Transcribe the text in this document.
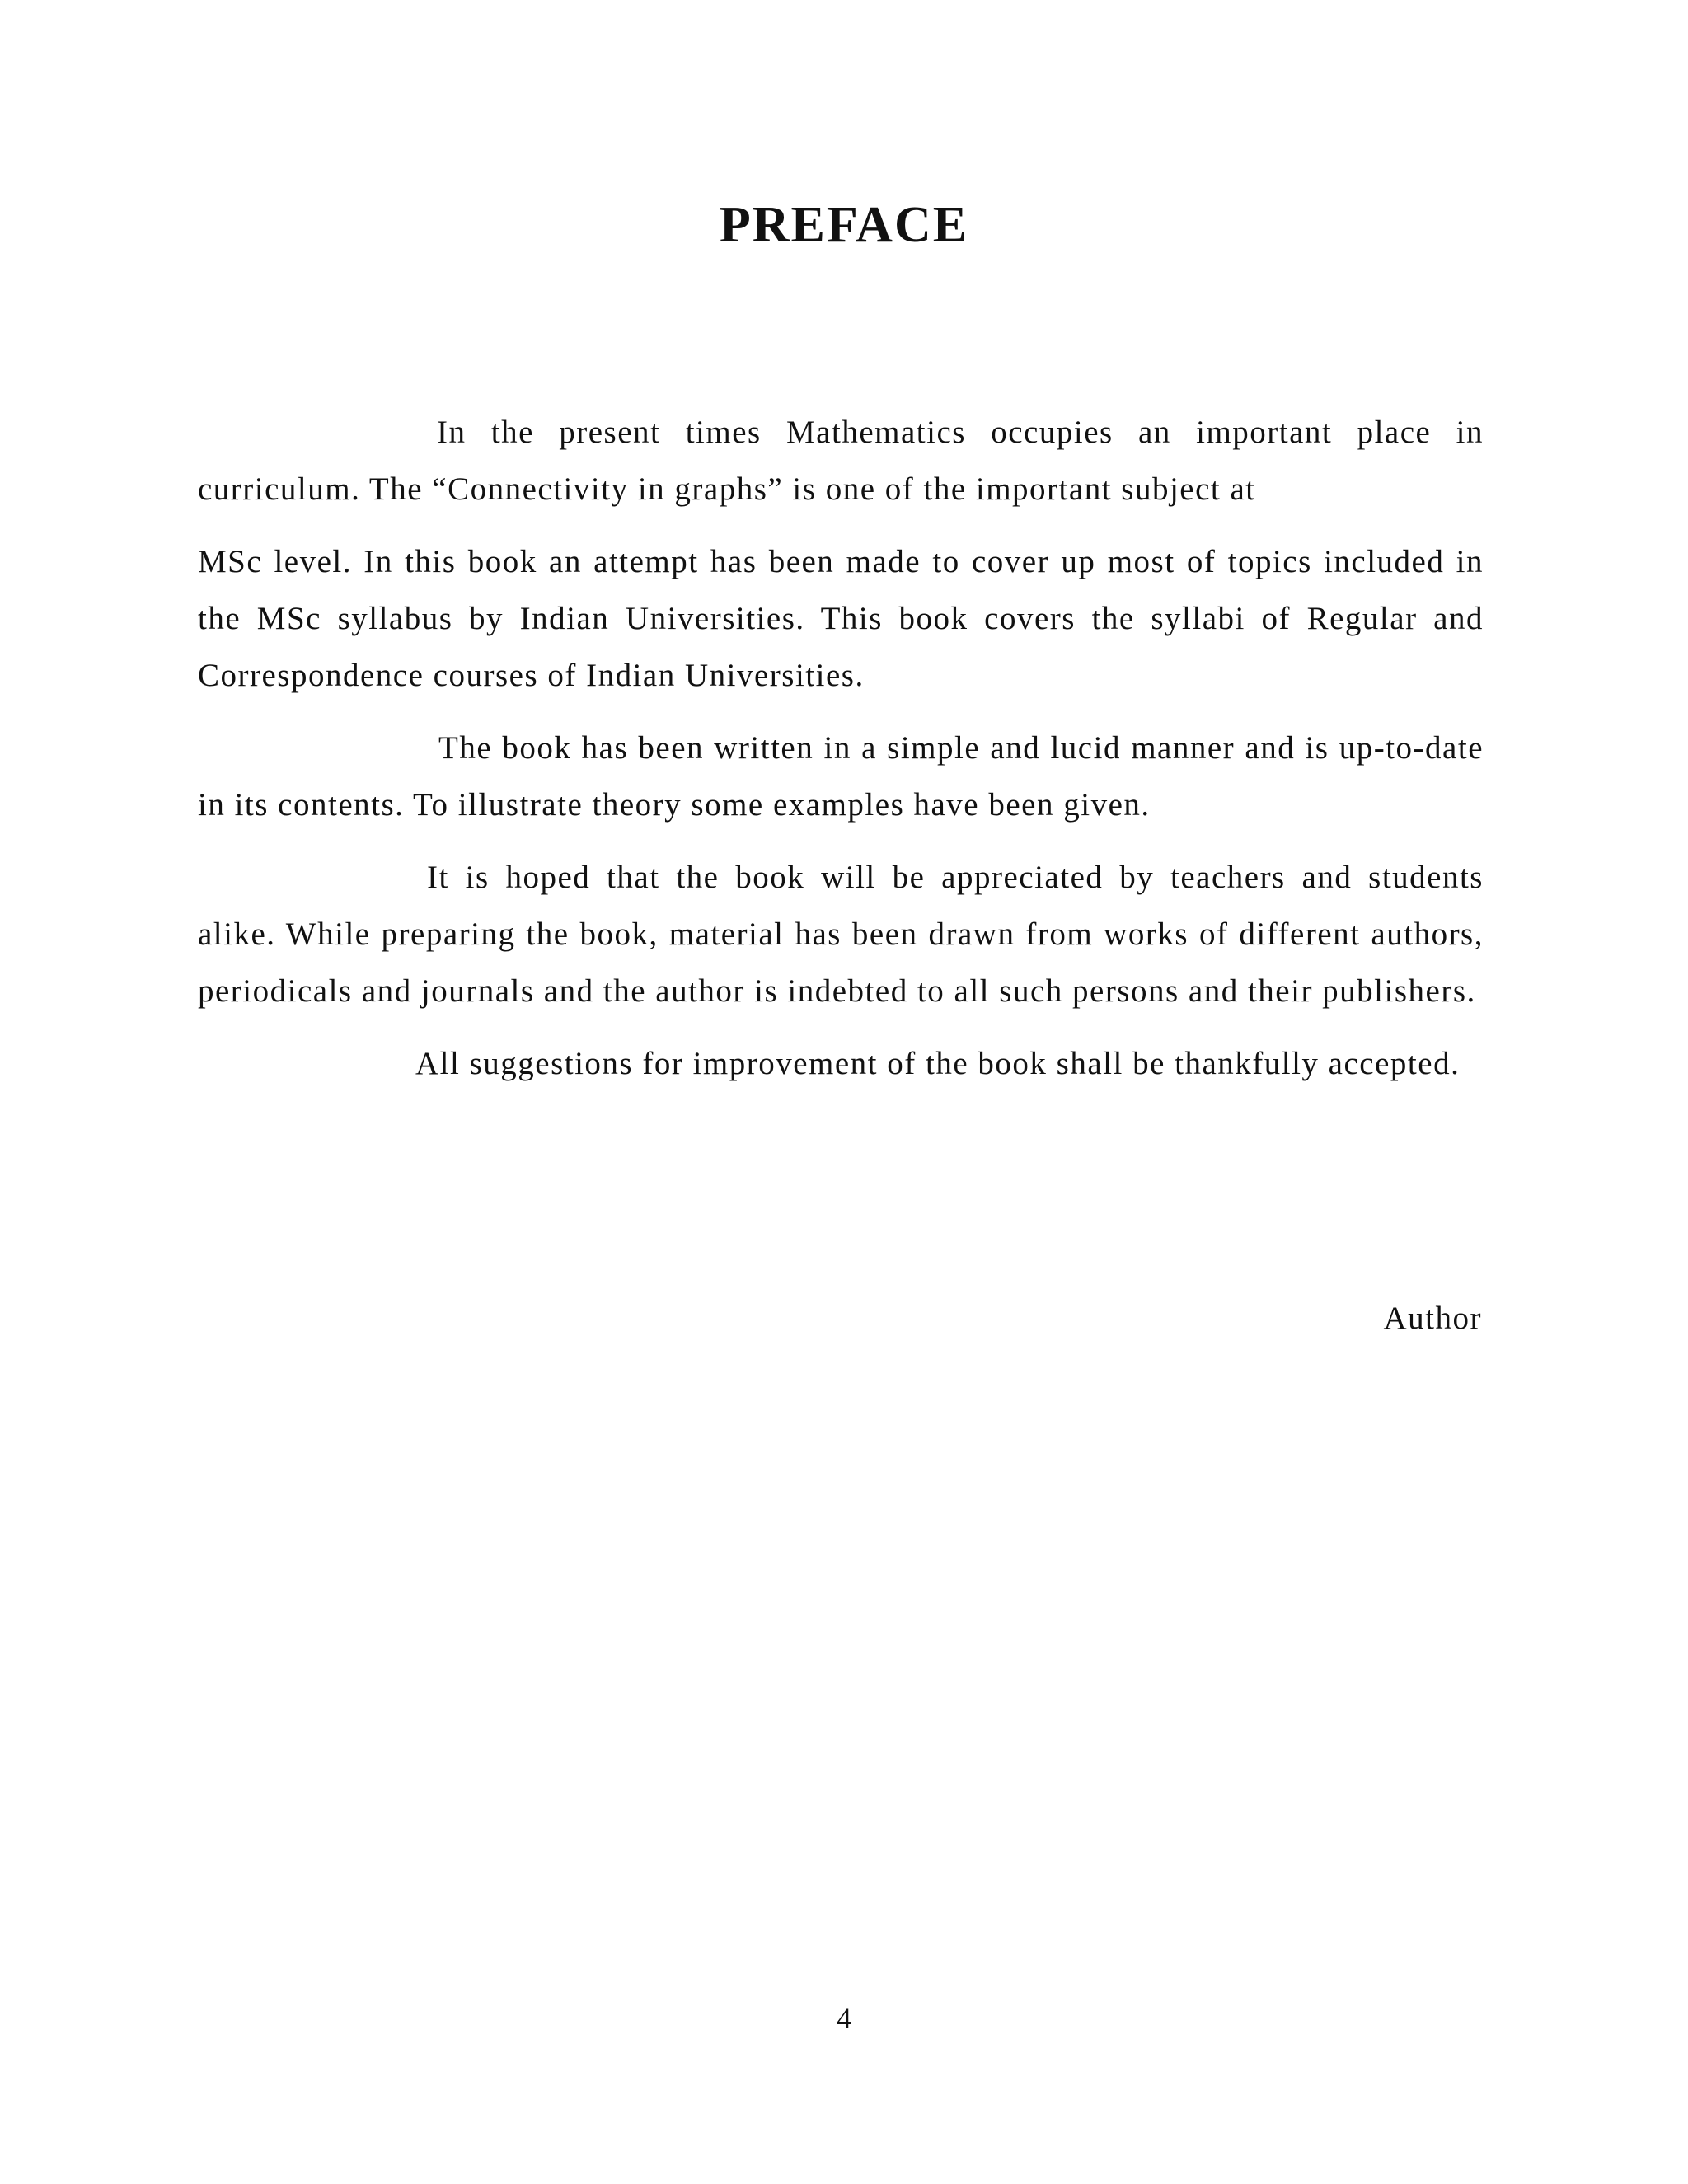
PREFACE

In the present times Mathematics occupies an important place in curriculum. The “Connectivity in graphs” is one of the important subject at

MSc level. In this book an attempt has been made to cover up most of topics included in the MSc syllabus by Indian Universities. This book covers the syllabi of Regular and Correspondence courses of Indian Universities.

The book has been written in a simple and lucid manner and is up-to-date in its contents. To illustrate theory some examples have been given.

It is hoped that the book will be appreciated by teachers and students alike. While preparing the book, material has been drawn from works of different authors, periodicals and journals and the author is indebted to all such persons and their publishers.

All suggestions for improvement of the book shall be thankfully accepted.

Author

4
